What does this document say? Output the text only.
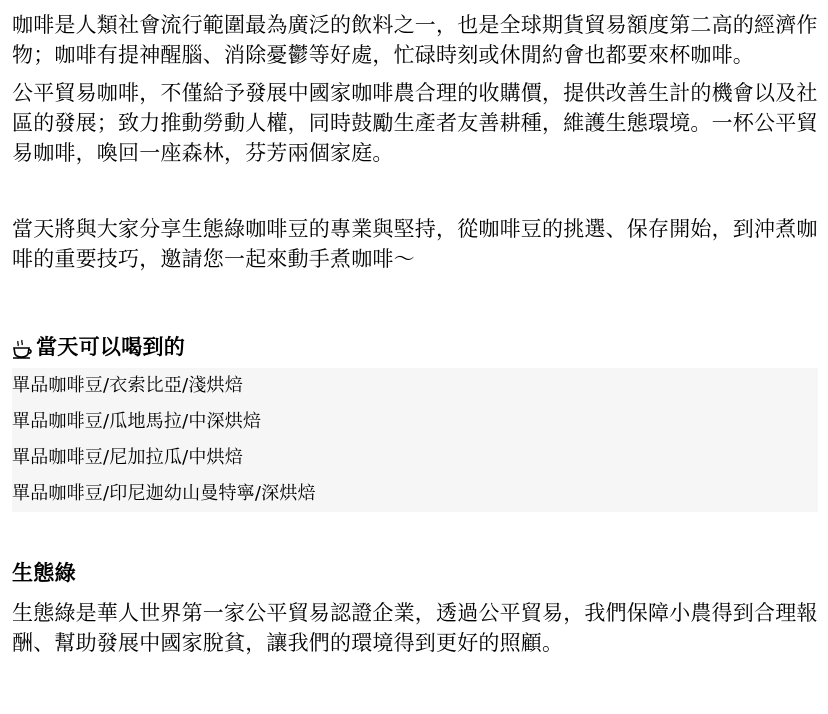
咖啡是人類社會流行範圍最為廣泛的飲料之一，也是全球期貨貿易額度第二高的經濟作物；咖啡有提神醒腦、消除憂鬱等好處，忙碌時刻或休閒約會也都要來杯咖啡。

公平貿易咖啡，不僅給予發展中國家咖啡農合理的收購價，提供改善生計的機會以及社區的發展；致力推動勞動人權，同時鼓勵生產者友善耕種，維護生態環境。一杯公平貿易咖啡，喚回一座森林，芬芳兩個家庭。

當天將與大家分享生態綠咖啡豆的專業與堅持，從咖啡豆的挑選、保存開始，到沖煮咖啡的重要技巧，邀請您一起來動手煮咖啡～

當天可以喝到的
單品咖啡豆/衣索比亞/淺烘焙
單品咖啡豆/瓜地馬拉/中深烘焙
單品咖啡豆/尼加拉瓜/中烘焙
單品咖啡豆/印尼迦幼山曼特寧/深烘焙
生態綠

生態綠是華人世界第一家公平貿易認證企業，透過公平貿易，我們保障小農得到合理報酬、幫助發展中國家脫貧，讓我們的環境得到更好的照顧。
